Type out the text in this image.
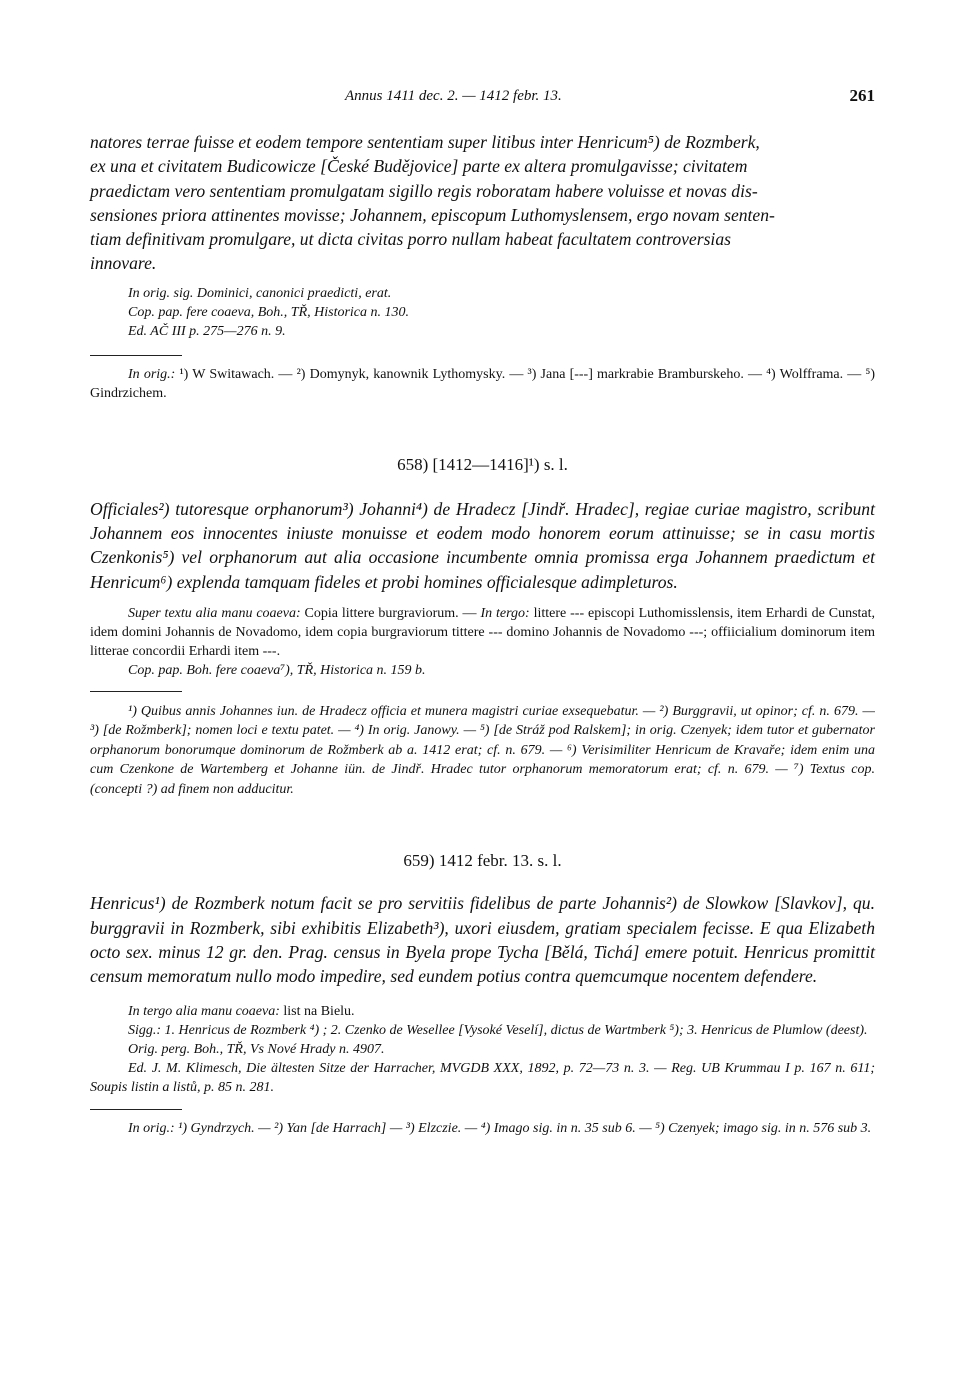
Annus 1411 dec. 2. — 1412 febr. 13.	261
natores terrae fuisse et eodem tempore sententiam super litibus inter Henricum⁵) de Rozmberk,
ex una et civitatem Budicowicze [České Budějovice] parte ex altera promulgavisse; civitatem
praedictam vero sententiam promulgatam sigillo regis roboratam habere voluisse et novas dis-
sensiones priora attinentes movisse; Johannem, episcopum Luthomyslensem, ergo novam senten-
tiam definitivam promulgare, ut dicta civitas porro nullam habeat facultatem controversias
innovare.

In orig. sig. Dominici, canonici praedicti, erat.

Cop. pap. fere coaeva, Boh., TŘ, Historica n. 130.

Ed. AČ III p. 275—276 n. 9.

In orig.: ¹) W Switawach. — ²) Domynyk, kanownik Lythomysky. — ³) Jana [---] markrabie Bramburskeho. — ⁴) Wolfframa. — ⁵) Gindrzichem.

658) [1412—1416]¹) s. l.

Officiales²) tutoresque orphanorum³) Johanni⁴) de Hradecz [Jindř. Hradec], regiae curiae magistro, scribunt Johannem eos innocentes iniuste monuisse et eodem modo honorem eorum attinuisse; se in casu mortis Czenkonis⁵) vel orphanorum aut alia occasione incumbente omnia promissa erga Johannem praedictum et Henricum⁶) explenda tamquam fideles et probi homines officialesque adimpleturos.

Super textu alia manu coaeva: Copia littere burgraviorum. — In tergo: littere --- episcopi Luthomisslensis, item Erhardi de Cunstat, idem domini Johannis de Novadomo, idem copia burgraviorum tittere --- domino Johannis de Novadomo ---; offiicialium dominorum item litterae concordii Erhardi item ---.

Cop. pap. Boh. fere coaeva⁷), TŘ, Historica n. 159 b.

¹) Quibus annis Johannes iun. de Hradecz officia et munera magistri curiae exsequebatur. — ²) Burggravii, ut opinor; cf. n. 679. — ³) [de Rožmberk]; nomen loci e textu patet. — ⁴) In orig. Janowy. — ⁵) [de Stráž pod Ralskem]; in orig. Czenyek; idem tutor et gubernator orphanorum bonorumque dominorum de Rožmberk ab a. 1412 erat; cf. n. 679. — ⁶) Verisimiliter Henricum de Kravaře; idem enim una cum Czenkone de Wartemberg et Johanne iün. de Jindř. Hradec tutor orphanorum memoratorum erat; cf. n. 679. — ⁷) Textus cop. (concepti ?) ad finem non adducitur.

659) 1412 febr. 13. s. l.

Henricus¹) de Rozmberk notum facit se pro servitiis fidelibus de parte Johannis²) de Slowkow [Slavkov], qu. burggravii in Rozmberk, sibi exhibitis Elizabeth³), uxori eiusdem, gratiam specialem fecisse. E qua Elizabeth octo sex. minus 12 gr. den. Prag. census in Byela prope Tycha [Bělá, Tichá] emere potuit. Henricus promittit censum memoratum nullo modo impedire, sed eundem potius contra quemcumque nocentem defendere.

In tergo alia manu coaeva: list na Bielu.

Sigg.: 1. Henricus de Rozmberk ⁴) ; 2. Czenko de Wesellee [Vysoké Veselí], dictus de Wartmberk ⁵); 3. Henricus de Plumlow (deest).

Orig. perg. Boh., TŘ, Vs Nové Hrady n. 4907.

Ed. J. M. Klimesch, Die ältesten Sitze der Harracher, MVGDB XXX, 1892, p. 72—73 n. 3. — Reg. UB Krummau I p. 167 n. 611; Soupis listin a listů, p. 85 n. 281.

In orig.: ¹) Gyndrzych. — ²) Yan [de Harrach] — ³) Elzczie. — ⁴) Imago sig. in n. 35 sub 6. — ⁵) Czenyek; imago sig. in n. 576 sub 3.
